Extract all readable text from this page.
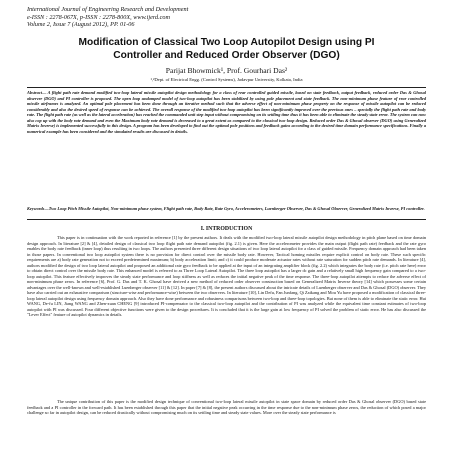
International Journal of Engineering Research and Development
e-ISSN : 2278-067X, p-ISSN : 2278-800X, www.ijerd.com
Volume 2, Issue 7 (August 2012), PP. 01-06
Modification of Classical Two Loop Autopilot Design using PI
Controller and Reduced Order Observer (DGO)
Parijat Bhowmick¹, Prof. Gourhari Das²
¹,²Dept. of Electrical Engg. (Control Systems), Jadavpur University, Kolkata, India
Abstract— A flight path rate demand modified two-loop lateral missile autopilot design methodology for a class of rear controlled guided missile, based on state feedback, output feedback, reduced order Das & Ghosal observer (DGO) and PI controller is proposed. The open loop undamped model of two-loop autopilot has been stabilized by using pole placement and state feedback. The non-minimum phase feature of rear controlled missile airframes is analyzed. An optimal pole placement has been done through an iterative method such that the adverse effect of non-minimum phase property on the response of missile autopilot can be reduced considerably and also the desired speed of response can be achieved. The overall response of the modified two-loop autopilot has been significantly improved over the previous ones – specially the flight path rate and body rate. The flight path rate (as well as the lateral acceleration) has reached the commanded unit step input without compromising on its settling time thus it has been able to eliminate the steady state error. The system can now also cop up with the body rate demand and even the Maximum body rate demand is decreased to a great extent as compared to the classical two-loop design. Reduced order Das & Ghosal observer (DGO) using Generalized Matrix Inverse) is implemented successfully in this design. A program has been developed to find out the optimal pole positions and feedback gains according to the desired time domain performance specifications. Finally a numerical example has been considered and the simulated results are discussed in details.
Keywords—Two Loop Pitch Missile Autopilot, Non-minimum phase system, Flight path rate, Body Rate, Rate Gyro, Accelerometers, Luenberger Observer, Das & Ghosal Observer, Generalized Matrix Inverse, PI controller.
I. INTRODUCTION

This paper is in continuation with the work reported in reference [1] by the present authors. It deals with the modified two-loop lateral missile autopilot design methodology in pitch plane based on time domain design approach. In literature [2] & [4], detailed design of classical two loop flight path rate demand autopilot (fig. 2.1) is given. Here the accelerometer provides the main output (flight path rate) feedback and the rate gyro enables the body rate feedback (inner loop) thus resulting in two loops. The authors presented three different design situations of two loop lateral autopilot for a class of guided missile. Frequency domain approach had been taken in those papers. In conventional two loop autopilot system there is no provision for direct control over the missile body rate. However, Tactical homing missiles require explicit control on body rate. These such specific requirements are a) body rate generation not to exceed predetermined maximum; b) body acceleration limit; and c) it could produce moderate actuator rates without rate saturation for sudden pitch rate demands. In literature [4], authors modified the design of two loop lateral autopilot and proposed an additional rate gyro feedback to be applied at the input of an integrating amplifier block (fig. 2.2) which integrates the body rate (i.e. pitch rate here) error to obtain direct control over the missile body rate. This enhanced model is referred to as Three Loop Lateral Autopilot. The three loop autopilot has a larger dc gain and a relatively small high frequency gain compared to a two-loop autopilot. This feature effectively improves the steady state performance and loop stiffness as well as reduces the initial negative peak of the time response. The three-loop autopilot attempts to reduce the adverse effect of non-minimum phase zeros. In reference [6], Prof. G. Das and T. K. Ghosal have derived a new method of reduced order observer construction based on Generalized Matrix Inverse theory [14] which possesses some certain advantages over the well-known and well-established Luenberger observer [11] & [12]. In paper [7] & [8], the present authors discussed about the intricate details of Luenberger observer and Das & Ghosal (DGO) observer. They have also carried out an exhaustive comparison (structure-wise and performance-wise) between the two observers. In literature [10], Lin Defu, Fan Junfang, Qi Zaikang and Mou Yu have proposed a modification of classical three-loop lateral autopilot design using frequency domain approach. Also they have done performance and robustness comparisons between two-loop and three-loop topologies. But none of them is able to eliminate the static error. Hui WANG, De-fu LIN, Jiang WANG and Zhen-xuan CHENG [9] introduced PI-compensator to the classical two-loop autopilot and the contribution of PI was analyzed while the equivalent time constant estimates of two-loop autopilot with PI was discussed. Four different objective functions were given to the design procedures. It is concluded that it is the large gain at low frequency of PI solved the problem of static error. He has also discussed the "Lever Effect" feature of autopilot dynamics in details.

The unique contribution of this paper is the modified design technique of conventional two-loop lateral missile autopilot in state space domain by reduced order Das & Ghosal observer (DGO) based state feedback and a PI controller in the forward path. It has been established through this paper that the initial negative peak occurring in the time response due to the non-minimum phase zeros, the reduction of which posed a major challenge so far in autopilot design, can be reduced drastically without compromising much on its settling time and steady state values. More over the steady state performance is
